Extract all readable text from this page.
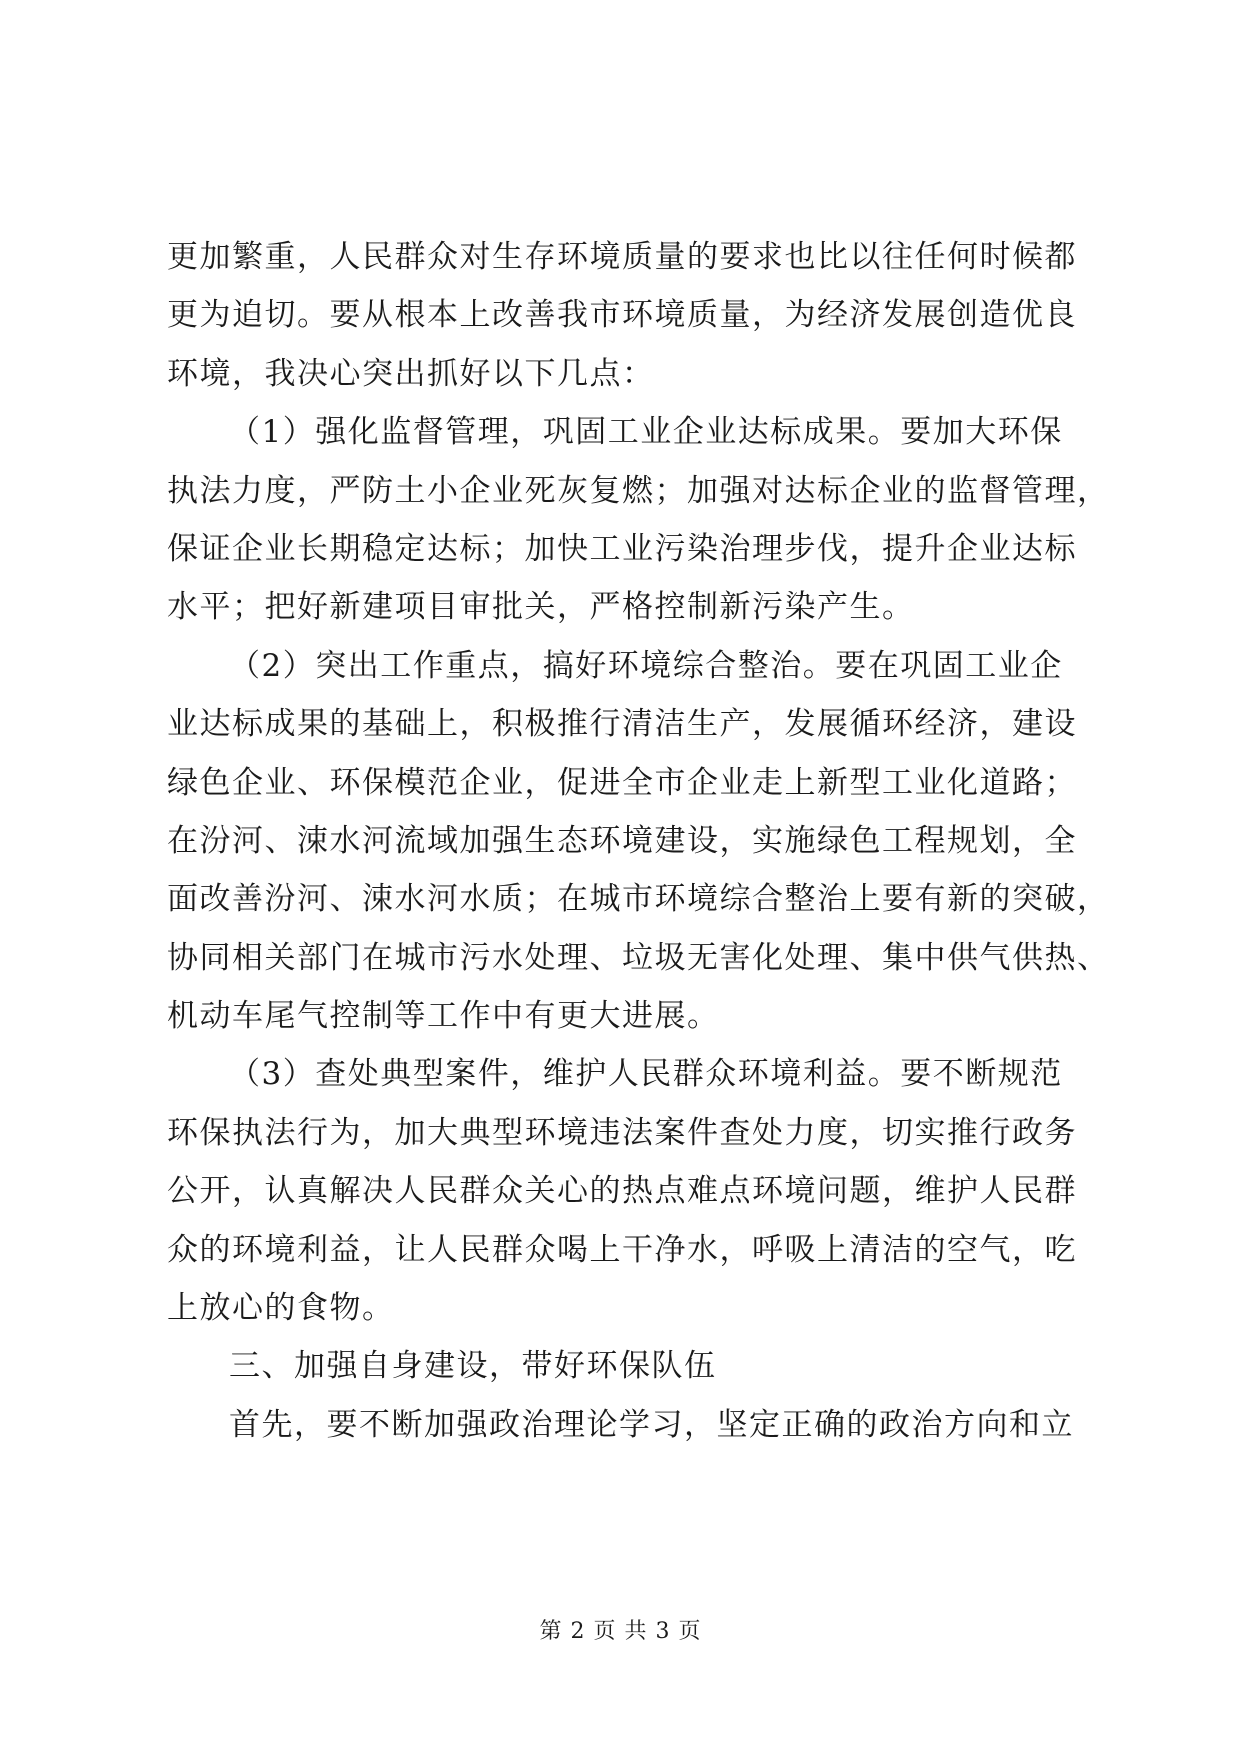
更加繁重，人民群众对生存环境质量的要求也比以往任何时候都
更为迫切。要从根本上改善我市环境质量，为经济发展创造优良
环境，我决心突出抓好以下几点：
（1）强化监督管理，巩固工业企业达标成果。要加大环保
执法力度，严防土小企业死灰复燃；加强对达标企业的监督管理，
保证企业长期稳定达标；加快工业污染治理步伐，提升企业达标
水平；把好新建项目审批关，严格控制新污染产生。
（2）突出工作重点，搞好环境综合整治。要在巩固工业企
业达标成果的基础上，积极推行清洁生产，发展循环经济，建设
绿色企业、环保模范企业，促进全市企业走上新型工业化道路；
在汾河、涑水河流域加强生态环境建设，实施绿色工程规划，全
面改善汾河、涑水河水质；在城市环境综合整治上要有新的突破，
协同相关部门在城市污水处理、垃圾无害化处理、集中供气供热、
机动车尾气控制等工作中有更大进展。
（3）查处典型案件，维护人民群众环境利益。要不断规范
环保执法行为，加大典型环境违法案件查处力度，切实推行政务
公开，认真解决人民群众关心的热点难点环境问题，维护人民群
众的环境利益，让人民群众喝上干净水，呼吸上清洁的空气，吃
上放心的食物。
三、加强自身建设，带好环保队伍
首先，要不断加强政治理论学习，坚定正确的政治方向和立
第 2 页 共 3 页
